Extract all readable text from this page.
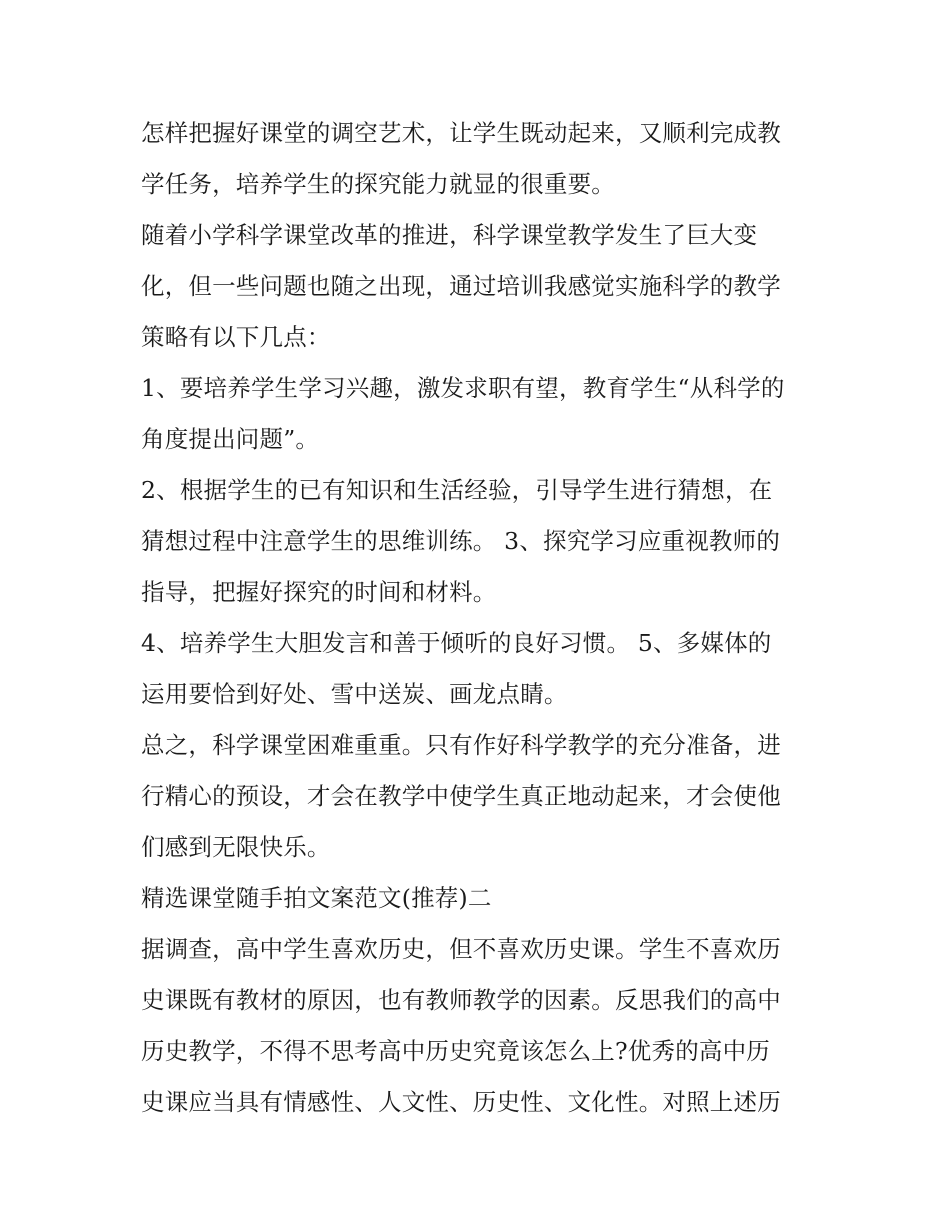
怎样把握好课堂的调空艺术，让学生既动起来，又顺利完成教
学任务，培养学生的探究能力就显的很重要。
随着小学科学课堂改革的推进，科学课堂教学发生了巨大变
化，但一些问题也随之出现，通过培训我感觉实施科学的教学
策略有以下几点：
1、要培养学生学习兴趣，激发求职有望，教育学生“从科学的
角度提出问题”。
2、根据学生的已有知识和生活经验，引导学生进行猜想，在
猜想过程中注意学生的思维训练。 3、探究学习应重视教师的
指导，把握好探究的时间和材料。
4、培养学生大胆发言和善于倾听的良好习惯。 5、多媒体的
运用要恰到好处、雪中送炭、画龙点睛。
总之，科学课堂困难重重。只有作好科学教学的充分准备，进
行精心的预设，才会在教学中使学生真正地动起来，才会使他
们感到无限快乐。
精选课堂随手拍文案范文(推荐)二
据调查，高中学生喜欢历史，但不喜欢历史课。学生不喜欢历
史课既有教材的原因，也有教师教学的因素。反思我们的高中
历史教学，不得不思考高中历史究竟该怎么上?优秀的高中历
史课应当具有情感性、人文性、历史性、文化性。对照上述历
